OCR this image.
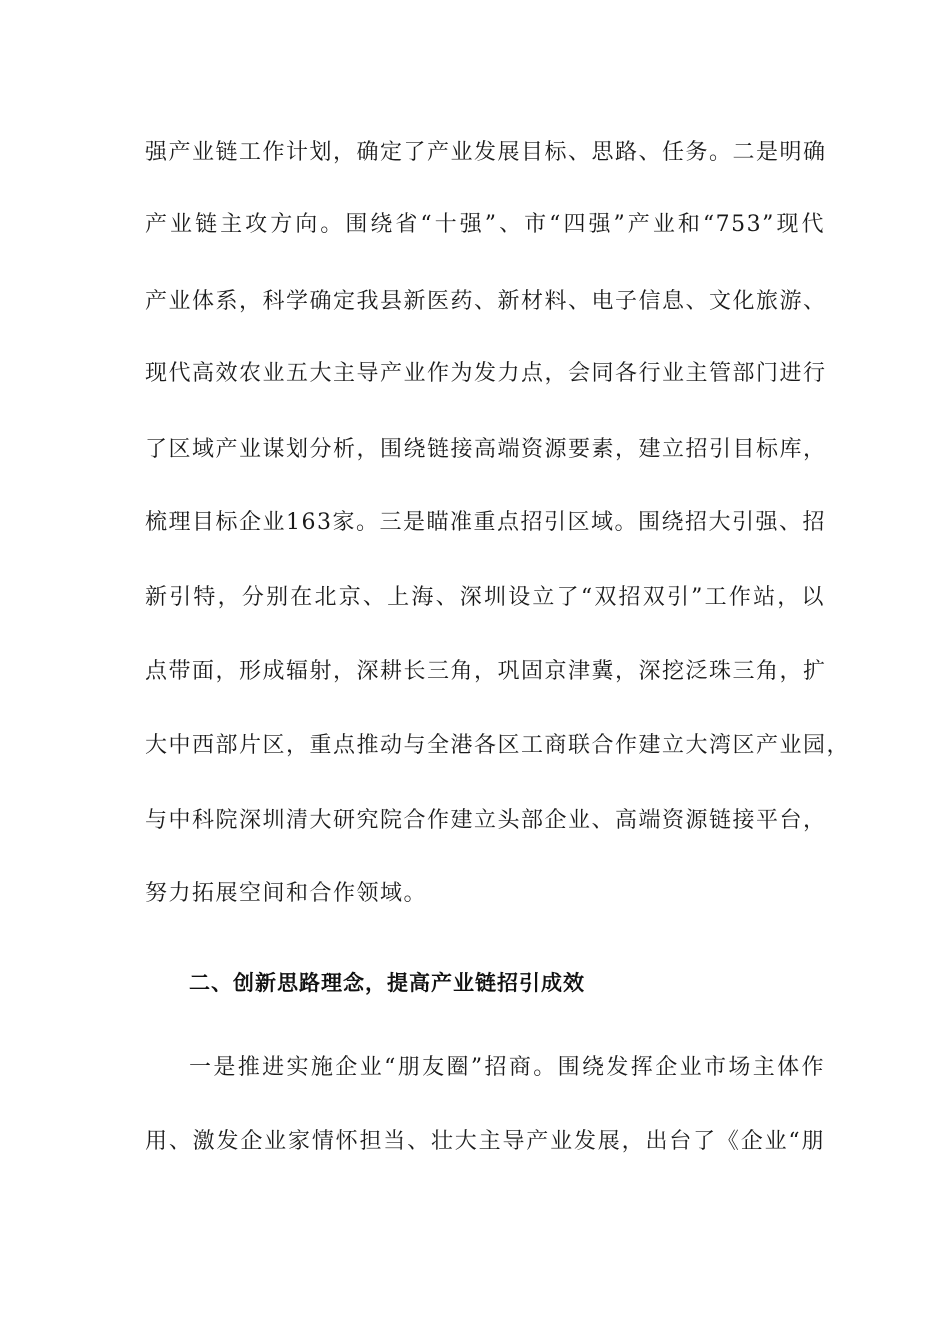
强产业链工作计划，确定了产业发展目标、思路、任务。二是明确
产业链主攻方向。围绕省“十强”、市“四强”产业和“753”现代
产业体系，科学确定我县新医药、新材料、电子信息、文化旅游、
现代高效农业五大主导产业作为发力点，会同各行业主管部门进行
了区域产业谋划分析，围绕链接高端资源要素，建立招引目标库，
梳理目标企业163家。三是瞄准重点招引区域。围绕招大引强、招
新引特，分别在北京、上海、深圳设立了“双招双引”工作站，以
点带面，形成辐射，深耕长三角，巩固京津冀，深挖泛珠三角，扩
大中西部片区，重点推动与全港各区工商联合作建立大湾区产业园，
与中科院深圳清大研究院合作建立头部企业、高端资源链接平台，
努力拓展空间和合作领域。
二、创新思路理念，提高产业链招引成效
一是推进实施企业“朋友圈”招商。围绕发挥企业市场主体作
用、激发企业家情怀担当、壮大主导产业发展，出台了《企业“朋
